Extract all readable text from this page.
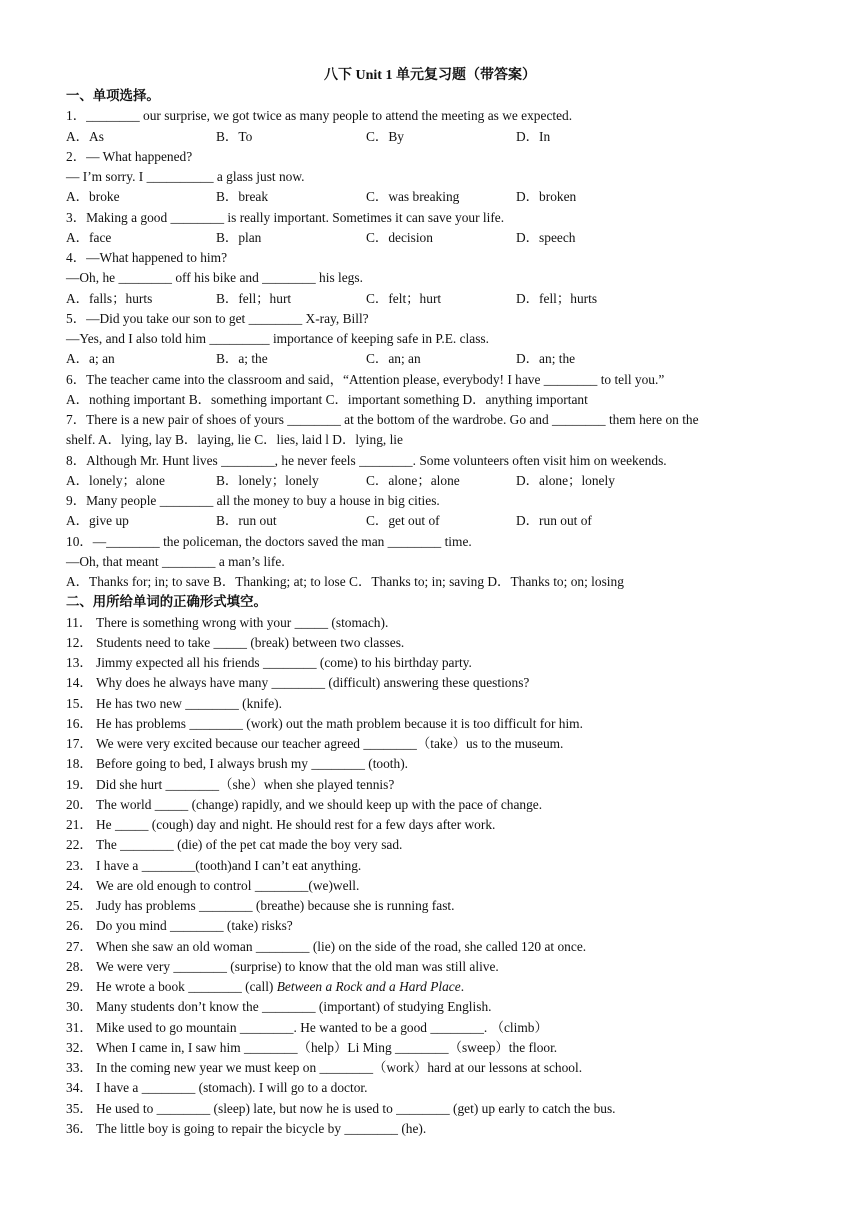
八下 Unit 1 单元复习题（带答案）
一、单项选择。
1．________ our surprise, we got twice as many people to attend the meeting as we expected.
A．As	B．To	C．By	D．In
2．— What happened?
— I’m sorry. I __________ a glass just now.
A．broke	B．break	C．was breaking	D．broken
3．Making a good ________ is really important. Sometimes it can save your life.
A．face	B．plan	C．decision	D．speech
4．—What happened to him?
—Oh, he ________ off his bike and ________ his legs.
A．falls；hurts	B．fell；hurt	C．felt；hurt	D．fell；hurts
5．—Did you take our son to get ________ X-ray, Bill?
—Yes, and I also told him _________ importance of keeping safe in P.E. class.
A．a; an	B．a; the	C．an; an	D．an; the
6．The teacher came into the classroom and said，“Attention please, everybody! I have ________ to tell you.”
A．nothing important B．something important C．important something D．anything important
7．There is a new pair of shoes of yours ________ at the bottom of the wardrobe. Go and ________ them here on the
shelf. A．lying, lay B．laying, lie C．lies, laid l D．lying, lie
8．Although Mr. Hunt lives ________, he never feels ________. Some volunteers often visit him on weekends.
A．lonely；alone	B．lonely；lonely	C．alone；alone	D．alone；lonely
9．Many people ________ all the money to buy a house in big cities.
A．give up	B．run out	C．get out of	D．run out of
10．—________ the policeman, the doctors saved the man ________ time.
—Oh, that meant ________ a man’s life.
A．Thanks for; in; to save B．Thanking; at; to lose C．Thanks to; in; saving D．Thanks to; on; losing
二、用所给单词的正确形式填空。
11． There is something wrong with your _____ (stomach).
12． Students need to take _____ (break) between two classes.
13． Jimmy expected all his friends ________ (come) to his birthday party.
14． Why does he always have many ________ (difficult) answering these questions?
15． He has two new ________ (knife).
16． He has problems ________ (work) out the math problem because it is too difficult for him.
17． We were very excited because our teacher agreed ________（take）us to the museum.
18． Before going to bed, I always brush my ________ (tooth).
19． Did she hurt ________（she）when she played tennis?
20． The world _____ (change) rapidly, and we should keep up with the pace of change.
21． He _____ (cough) day and night. He should rest for a few days after work.
22． The ________ (die) of the pet cat made the boy very sad.
23． I have a ________(tooth)and I can’t eat anything.
24． We are old enough to control ________(we)well.
25． Judy has problems ________ (breathe) because she is running fast.
26． Do you mind ________ (take) risks?
27． When she saw an old woman ________ (lie) on the side of the road, she called 120 at once.
28． We were very ________ (surprise) to know that the old man was still alive.
29． He wrote a book ________ (call) Between a Rock and a Hard Place.
30． Many students don’t know the ________ (important) of studying English.
31． Mike used to go mountain ________. He wanted to be a good ________. （climb）
32． When I came in, I saw him ________（help）Li Ming ________（sweep）the floor.
33． In the coming new year we must keep on ________（work）hard at our lessons at school.
34． I have a ________ (stomach). I will go to a doctor.
35． He used to ________ (sleep) late, but now he is used to ________ (get) up early to catch the bus.
36． The little boy is going to repair the bicycle by ________ (he).
